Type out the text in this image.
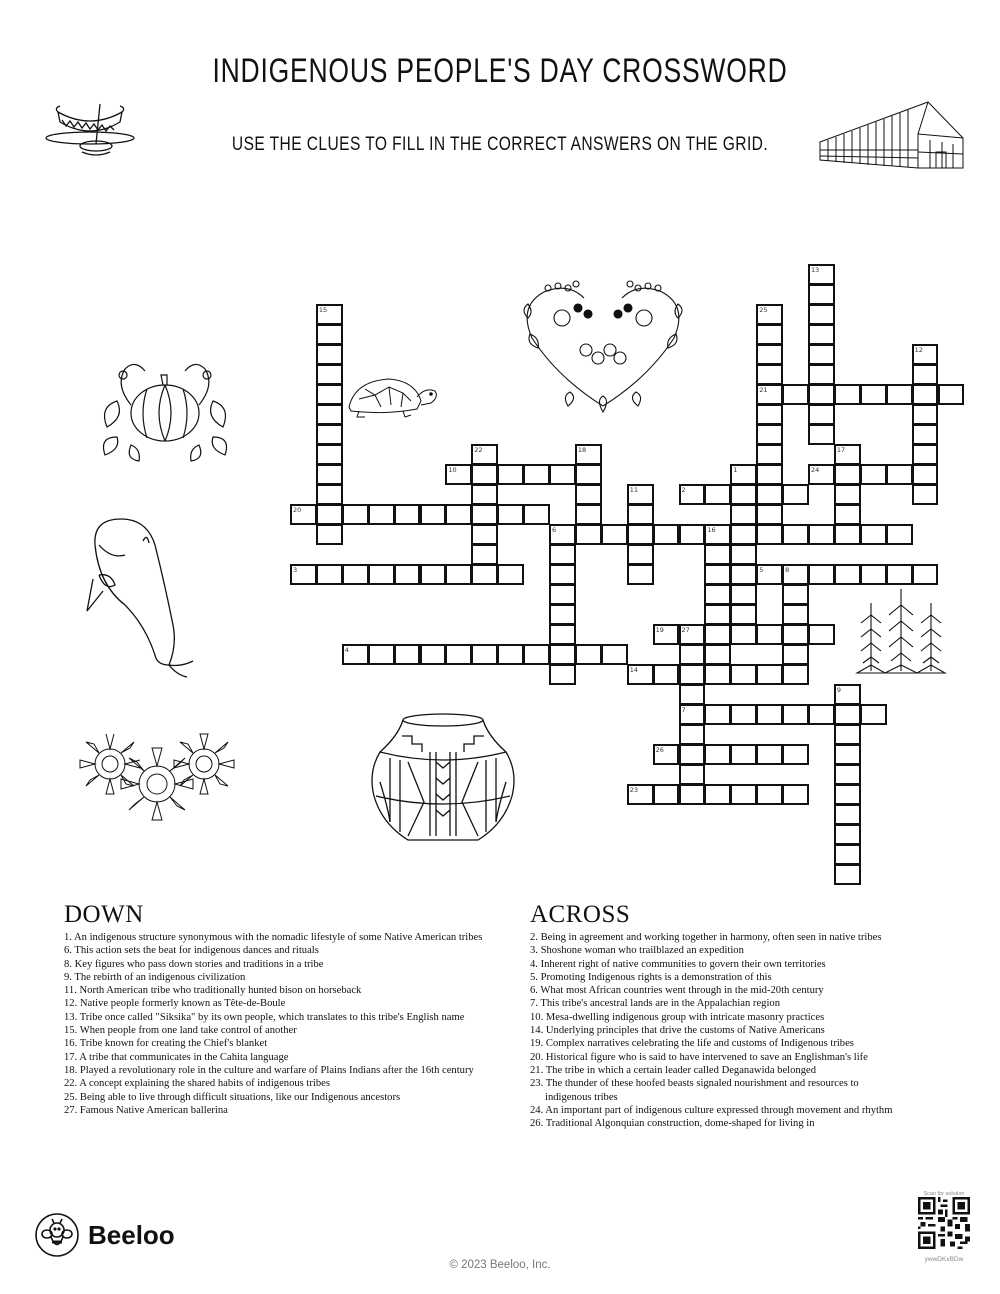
INDIGENOUS PEOPLE'S DAY CROSSWORD
USE THE CLUES TO FILL IN THE CORRECT ANSWERS ON THE GRID.
1
2
3
4
5	8
6	16
7
9
10
11
12
13
14
15
17
18
19	27
20
21
22
23
24
25
26
DOWN

1. An indigenous structure synonymous with the nomadic lifestyle of some Native American tribes

6. This action sets the beat for indigenous dances and rituals

8. Key figures who pass down stories and traditions in a tribe

9. The rebirth of an indigenous civilization

11. North American tribe who traditionally hunted bison on horseback

12. Native people formerly known as Tête-de-Boule

13. Tribe once called "Siksika" by its own people, which translates to this tribe's English name

15. When people from one land take control of another

16. Tribe known for creating the Chief's blanket

17. A tribe that communicates in the Cahita language

18. Played a revolutionary role in the culture and warfare of Plains Indians after the 16th century

22. A concept explaining the shared habits of indigenous tribes

25. Being able to live through difficult situations, like our Indigenous ancestors

27. Famous Native American ballerina

ACROSS

2. Being in agreement and working together in harmony, often seen in native tribes

3. Shoshone woman who trailblazed an expedition

4. Inherent right of native communities to govern their own territories

5. Promoting Indigenous rights is a demonstration of this

6. What most African countries went through in the mid-20th century

7. This tribe's ancestral lands are in the Appalachian region

10. Mesa-dwelling indigenous group with intricate masonry practices

14. Underlying principles that drive the customs of Native Americans

19. Complex narratives celebrating the life and customs of Indigenous tribes

20. Historical figure who is said to have intervened to save an Englishman's life

21. The tribe in which a certain leader called Deganawida belonged

23. The thunder of these hoofed beasts signaled nourishment and resources to indigenous tribes

24. An important part of indigenous culture expressed through movement and rhythm

26. Traditional Algonquian construction, dome-shaped for living in

Beeloo
© 2023 Beeloo, Inc.
Scan for solution
ywwDKxBDw
